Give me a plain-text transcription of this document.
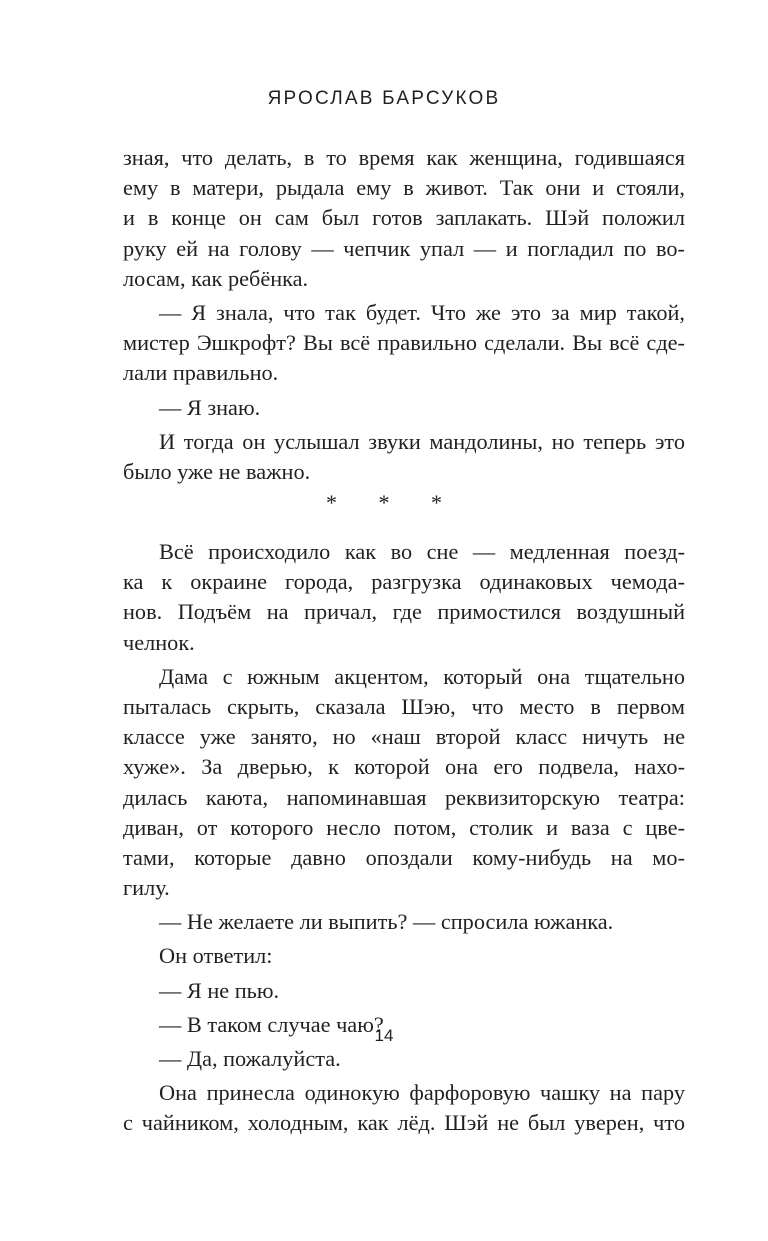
ЯРОСЛАВ БАРСУКОВ
зная, что делать, в то время как женщина, годившаяся
ему в матери, рыдала ему в живот. Так они и стояли,
и в конце он сам был готов заплакать. Шэй положил
руку ей на голову — чепчик упал — и погладил по во-
лосам, как ребёнка.
— Я знала, что так будет. Что же это за мир такой,
мистер Эшкрофт? Вы всё правильно сделали. Вы всё сде-
лали правильно.
— Я знаю.
И тогда он услышал звуки мандолины, но теперь это
было уже не важно.
* * *
Всё происходило как во сне — медленная поезд-
ка к окраине города, разгрузка одинаковых чемода-
нов. Подъём на причал, где примостился воздушный
челнок.
Дама с южным акцентом, который она тщательно
пыталась скрыть, сказала Шэю, что место в первом
классе уже занято, но «наш второй класс ничуть не
хуже». За дверью, к которой она его подвела, нахо-
дилась каюта, напоминавшая реквизиторскую театра:
диван, от которого несло потом, столик и ваза с цве-
тами, которые давно опоздали кому-нибудь на мо-
гилу.
— Не желаете ли выпить? — спросила южанка.
Он ответил:
— Я не пью.
— В таком случае чаю?
— Да, пожалуйста.
Она принесла одинокую фарфоровую чашку на пару
с чайником, холодным, как лёд. Шэй не был уверен, что
14
